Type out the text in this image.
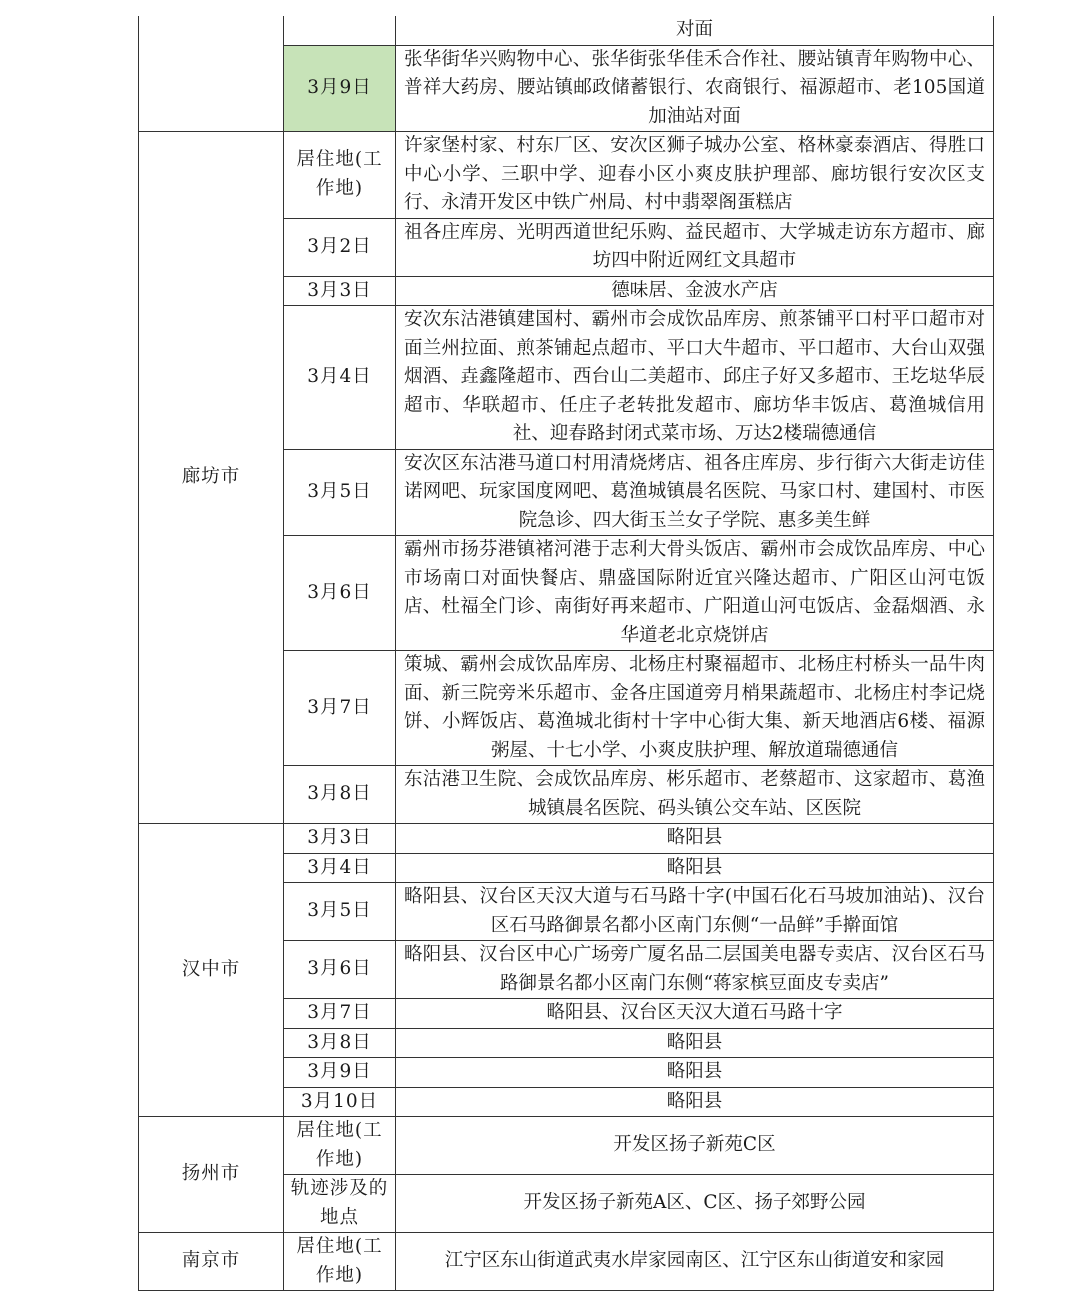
		对面
	3月9日	张华街华兴购物中心、张华街张华佳禾合作社、腰站镇青年购物中心、普祥大药房、腰站镇邮政储蓄银行、农商银行、福源超市、老105国道加油站对面
廊坊市	居住地(工作地)	许家堡村家、村东厂区、安次区狮子城办公室、格林豪泰酒店、得胜口中心小学、三职中学、迎春小区小爽皮肤护理部、廊坊银行安次区支行、永清开发区中铁广州局、村中翡翠阁蛋糕店
	3月2日	祖各庄库房、光明西道世纪乐购、益民超市、大学城走访东方超市、廊坊四中附近网红文具超市
	3月3日	德味居、金波水产店
	3月4日	安次东沽港镇建国村、霸州市会成饮品库房、煎茶铺平口村平口超市对面兰州拉面、煎茶铺起点超市、平口大牛超市、平口超市、大台山双强烟酒、垚鑫隆超市、西台山二美超市、邱庄子好又多超市、王圪垯华辰超市、华联超市、任庄子老转批发超市、廊坊华丰饭店、葛渔城信用社、迎春路封闭式菜市场、万达2楼瑞德通信
	3月5日	安次区东沽港马道口村用清烧烤店、祖各庄库房、步行街六大街走访佳诺网吧、玩家国度网吧、葛渔城镇晨名医院、马家口村、建国村、市医院急诊、四大街玉兰女子学院、惠多美生鲜
	3月6日	霸州市扬芬港镇褚河港于志利大骨头饭店、霸州市会成饮品库房、中心市场南口对面快餐店、鼎盛国际附近宜兴隆达超市、广阳区山河屯饭店、杜福全门诊、南街好再来超市、广阳道山河屯饭店、金磊烟酒、永华道老北京烧饼店
	3月7日	策城、霸州会成饮品库房、北杨庄村聚福超市、北杨庄村桥头一品牛肉面、新三院旁米乐超市、金各庄国道旁月梢果蔬超市、北杨庄村李记烧饼、小辉饭店、葛渔城北街村十字中心街大集、新天地酒店6楼、福源粥屋、十七小学、小爽皮肤护理、解放道瑞德通信
	3月8日	东沽港卫生院、会成饮品库房、彬乐超市、老蔡超市、这家超市、葛渔城镇晨名医院、码头镇公交车站、区医院
汉中市	3月3日	略阳县
	3月4日	略阳县
	3月5日	略阳县、汉台区天汉大道与石马路十字(中国石化石马坡加油站)、汉台区石马路御景名都小区南门东侧“一品鲜”手擀面馆
	3月6日	略阳县、汉台区中心广场旁广厦名品二层国美电器专卖店、汉台区石马路御景名都小区南门东侧“蒋家槟豆面皮专卖店”
	3月7日	略阳县、汉台区天汉大道石马路十字
	3月8日	略阳县
	3月9日	略阳县
	3月10日	略阳县
扬州市	居住地(工作地)	开发区扬子新苑C区
	轨迹涉及的地点	开发区扬子新苑A区、C区、扬子郊野公园
南京市	居住地(工作地)	江宁区东山街道武夷水岸家园南区、江宁区东山街道安和家园
